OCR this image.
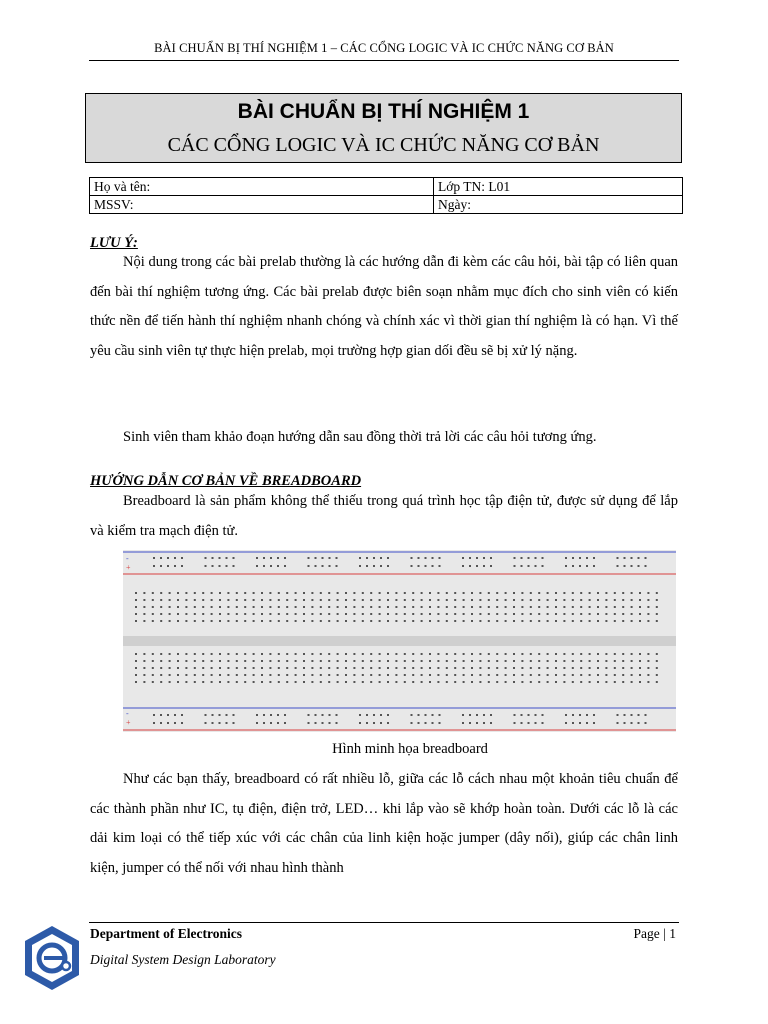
BÀI CHUẨN BỊ THÍ NGHIỆM 1 – CÁC CỔNG LOGIC VÀ IC CHỨC NĂNG CƠ BẢN
BÀI CHUẨN BỊ THÍ NGHIỆM 1
CÁC CỔNG LOGIC VÀ IC CHỨC NĂNG CƠ BẢN
Họ và tên:	Lớp TN: L01
MSSV:	Ngày:
LƯU Ý:
Nội dung trong các bài prelab thường là các hướng dẫn đi kèm các câu hỏi, bài tập có liên quan đến bài thí nghiệm tương ứng. Các bài prelab được biên soạn nhằm mục đích cho sinh viên có kiến thức nền để tiến hành thí nghiệm nhanh chóng và chính xác vì thời gian thí nghiệm là có hạn. Vì thế yêu cầu sinh viên tự thực hiện prelab, mọi trường hợp gian dối đều sẽ bị xử lý nặng.
Sinh viên tham khảo đoạn hướng dẫn sau đồng thời trả lời các câu hỏi tương ứng.
HƯỚNG DẪN CƠ BẢN VỀ BREADBOARD
Breadboard là sản phẩm không thể thiếu trong quá trình học tập điện tử, được sử dụng để lắp và kiểm tra mạch điện tử.
-
+
-
+
Hình minh họa breadboard
Như các bạn thấy, breadboard có rất nhiều lỗ, giữa các lỗ cách nhau một khoản tiêu chuẩn để các thành phần như IC, tụ điện, điện trở, LED… khi lắp vào sẽ khớp hoàn toàn. Dưới các lỗ là các dải kim loại có thể tiếp xúc với các chân của linh kiện hoặc jumper (dây nối), giúp các chân linh kiện, jumper có thể nối với nhau hình thành
Department of Electronics
Digital System Design Laboratory
Page | 1
